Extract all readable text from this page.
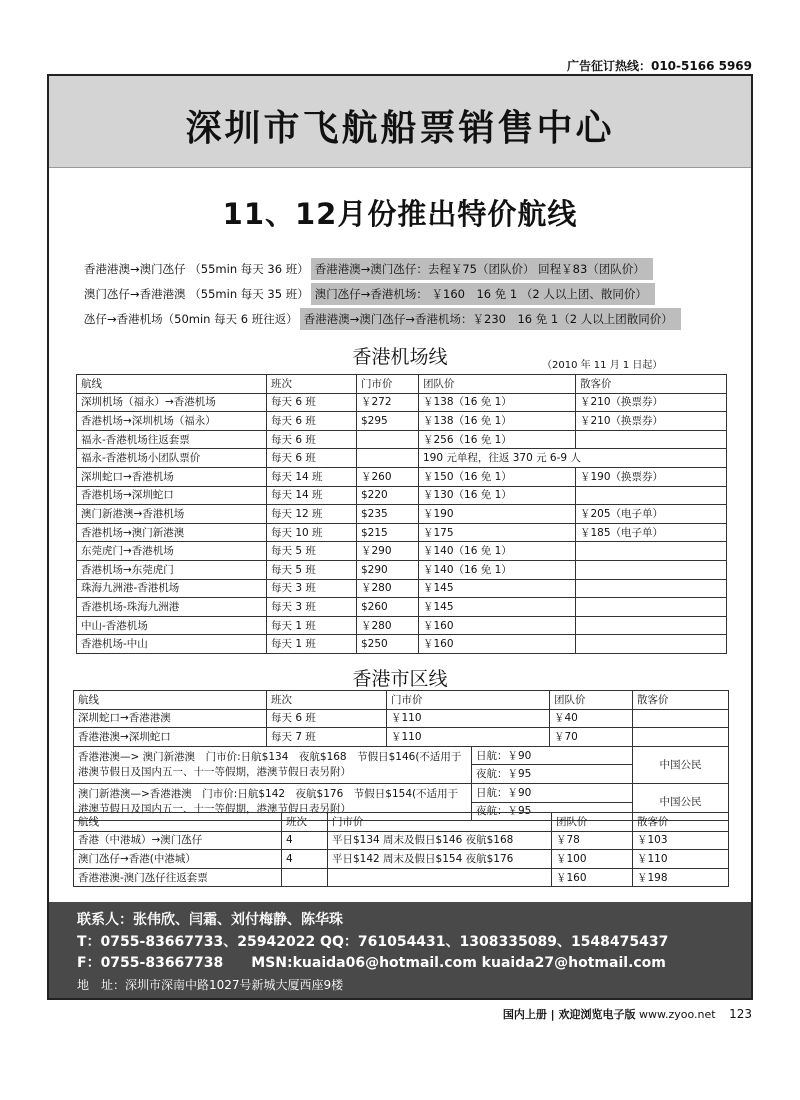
广告征订热线：010-5166 5969
深圳市飞航船票销售中心
11、12月份推出特价航线
香港港澳→澳门氹仔 （55min 每天 36 班） 香港港澳→澳门氹仔：去程￥75（团队价） 回程￥83（团队价）
澳门氹仔→香港港澳 （55min 每天 35 班） 澳门氹仔→香港机场： ￥160　16 免 1 （2 人以上团、散同价）
氹仔→香港机场（50min 每天 6 班往返） 香港港澳→澳门氹仔→香港机场：￥230　16 免 1（2 人以上团散同价）
香港机场线	（2010 年 11 月 1 日起）
航线	班次	门市价	团队价	散客价
深圳机场（福永）→香港机场	每天 6 班	￥272	￥138（16 免 1）	￥210（换票券）
香港机场→深圳机场（福永）	每天 6 班	$295	￥138（16 免 1）	￥210（换票券）
福永-香港机场往返套票	每天 6 班		￥256（16 免 1）	
福永-香港机场小团队票价	每天 6 班		190 元单程，往返 370 元 6-9 人	
深圳蛇口→香港机场	每天 14 班	￥260	￥150（16 免 1）	￥190（换票券）
香港机场→深圳蛇口	每天 14 班	$220	￥130（16 免 1）	
澳门新港澳→香港机场	每天 12 班	$235	￥190	￥205（电子单）
香港机场→澳门新港澳	每天 10 班	$215	￥175	￥185（电子单）
东莞虎门→香港机场	每天 5 班	￥290	￥140（16 免 1）	
香港机场→东莞虎门	每天 5 班	$290	￥140（16 免 1）	
珠海九洲港-香港机场	每天 3 班	￥280	￥145	
香港机场-珠海九洲港	每天 3 班	$260	￥145	
中山-香港机场	每天 1 班	￥280	￥160	
香港机场-中山	每天 1 班	$250	￥160	
香港市区线
航线	班次	门市价		团队价	散客价
深圳蛇口→香港港澳	每天 6 班	￥110		￥40	
香港港澳→深圳蛇口	每天 7 班	￥110		￥70	
香港港澳—> 澳门新港澳　门市价:日航$134　夜航$168　节假日$146(不适用于港澳节假日及国内五一、十一等假期，港澳节假日表另附）			日航：￥90		中国公民
			夜航：￥95		
澳门新港澳—>香港港澳　门市价:日航$142　夜航$176　节假日$154(不适用于港澳节假日及国内五一、十一等假期，港澳节假日表另附）			日航：￥90		中国公民
			夜航：￥95		
航线	班次	门市价	团队价	散客价
香港（中港城）→澳门氹仔	4	平日$134 周末及假日$146 夜航$168	￥78	￥103
澳门氹仔→香港(中港城）	4	平日$142 周末及假日$154 夜航$176	￥100	￥110
香港港澳-澳门氹仔往返套票			￥160	￥198
联系人：张伟欣、闫霜、刘付梅静、陈华珠
T：0755-83667733、25942022 QQ：761054431、1308335089、1548475437
F：0755-83667738　　MSN:kuaida06@hotmail.com kuaida27@hotmail.com
地　址：深圳市深南中路1027号新城大厦西座9楼
国内上册 | 欢迎浏览电子版 www.zyoo.net 123
